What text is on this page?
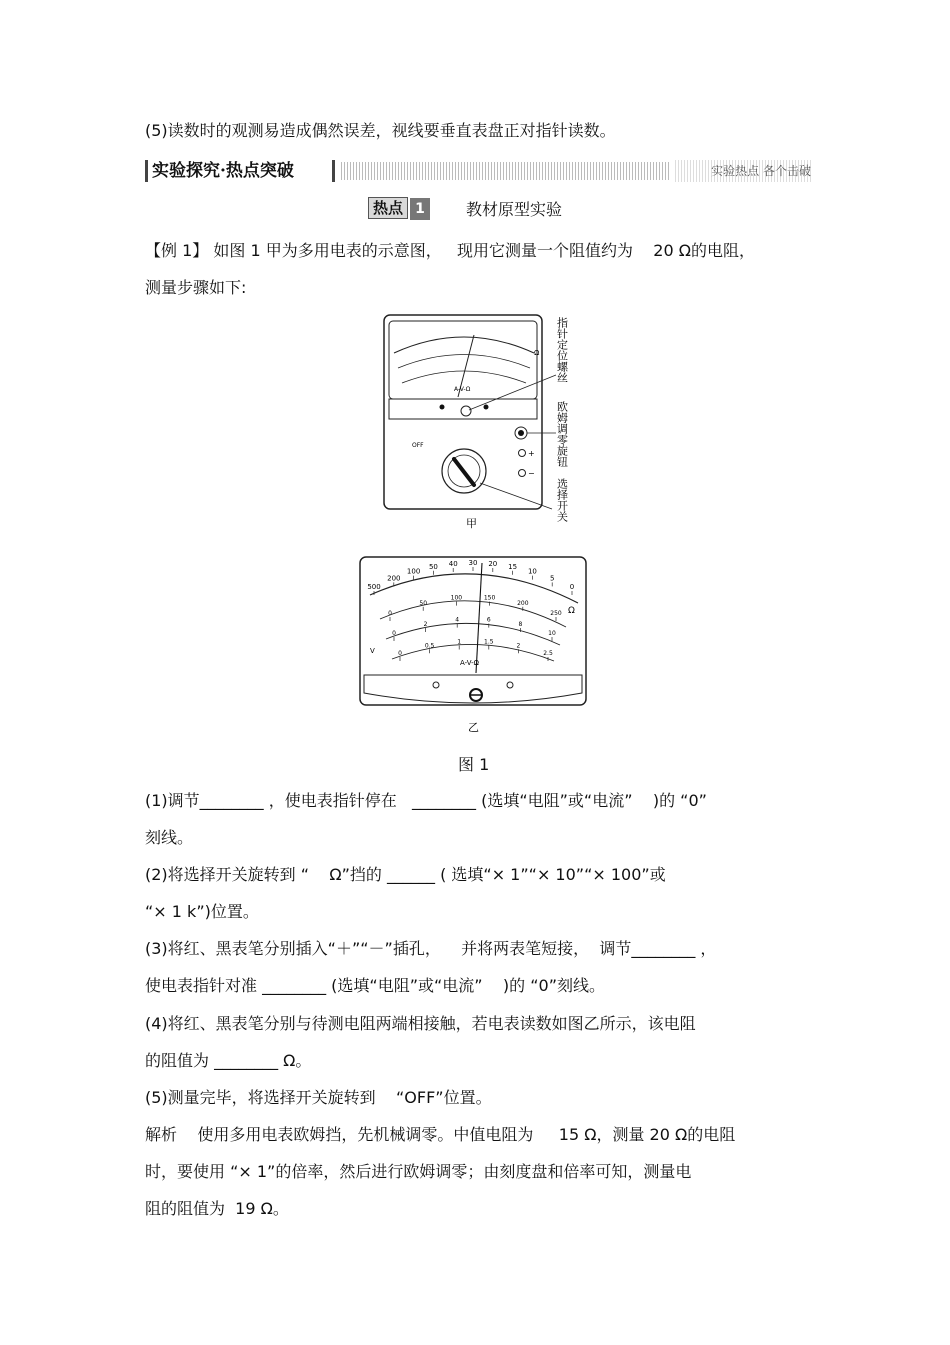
(5)读数时的观测易造成偶然误差，视线要垂直表盘正对指针读数。
实验探究·热点突破	实验热点 各个击破
热点 1	教材原型实验
【例 1】 如图 1 甲为多用电表的示意图，   现用它测量一个阻值约为    20 Ω的电阻，
测量步骤如下:
A-V-Ω
Ω
OFF
+
−
甲
指针定位螺丝
欧姆调零旋钮
选择开关
A-V-Ω
Ω
V
乙
500
200
100
50 40 30 20 15
10
5
0
0
50
100	150
200
250
0
2
4	6
8
10
0
0.5
1	1.5
2
2.5
图 1
(1)调节________ ，使电表指针停在   ________ (选填“电阻”或“电流”    )的 “0”
刻线。
(2)将选择开关旋转到 “    Ω”挡的 ______ ( 选填“× 1”“× 10”“× 100”或
“× 1 k”)位置。
(3)将红、黑表笔分别插入“＋”“－”插孔，    并将两表笔短接，  调节________ ，
使电表指针对准 ________ (选填“电阻”或“电流”    )的 “0”刻线。
(4)将红、黑表笔分别与待测电阻两端相接触，若电表读数如图乙所示，该电阻
的阻值为 ________ Ω。
(5)测量完毕，将选择开关旋转到    “OFF”位置。
解析    使用多用电表欧姆挡，先机械调零。中值电阻为     15 Ω，测量 20 Ω的电阻
时，要使用 “× 1”的倍率，然后进行欧姆调零；由刻度盘和倍率可知，测量电
阻的阻值为  19 Ω。
